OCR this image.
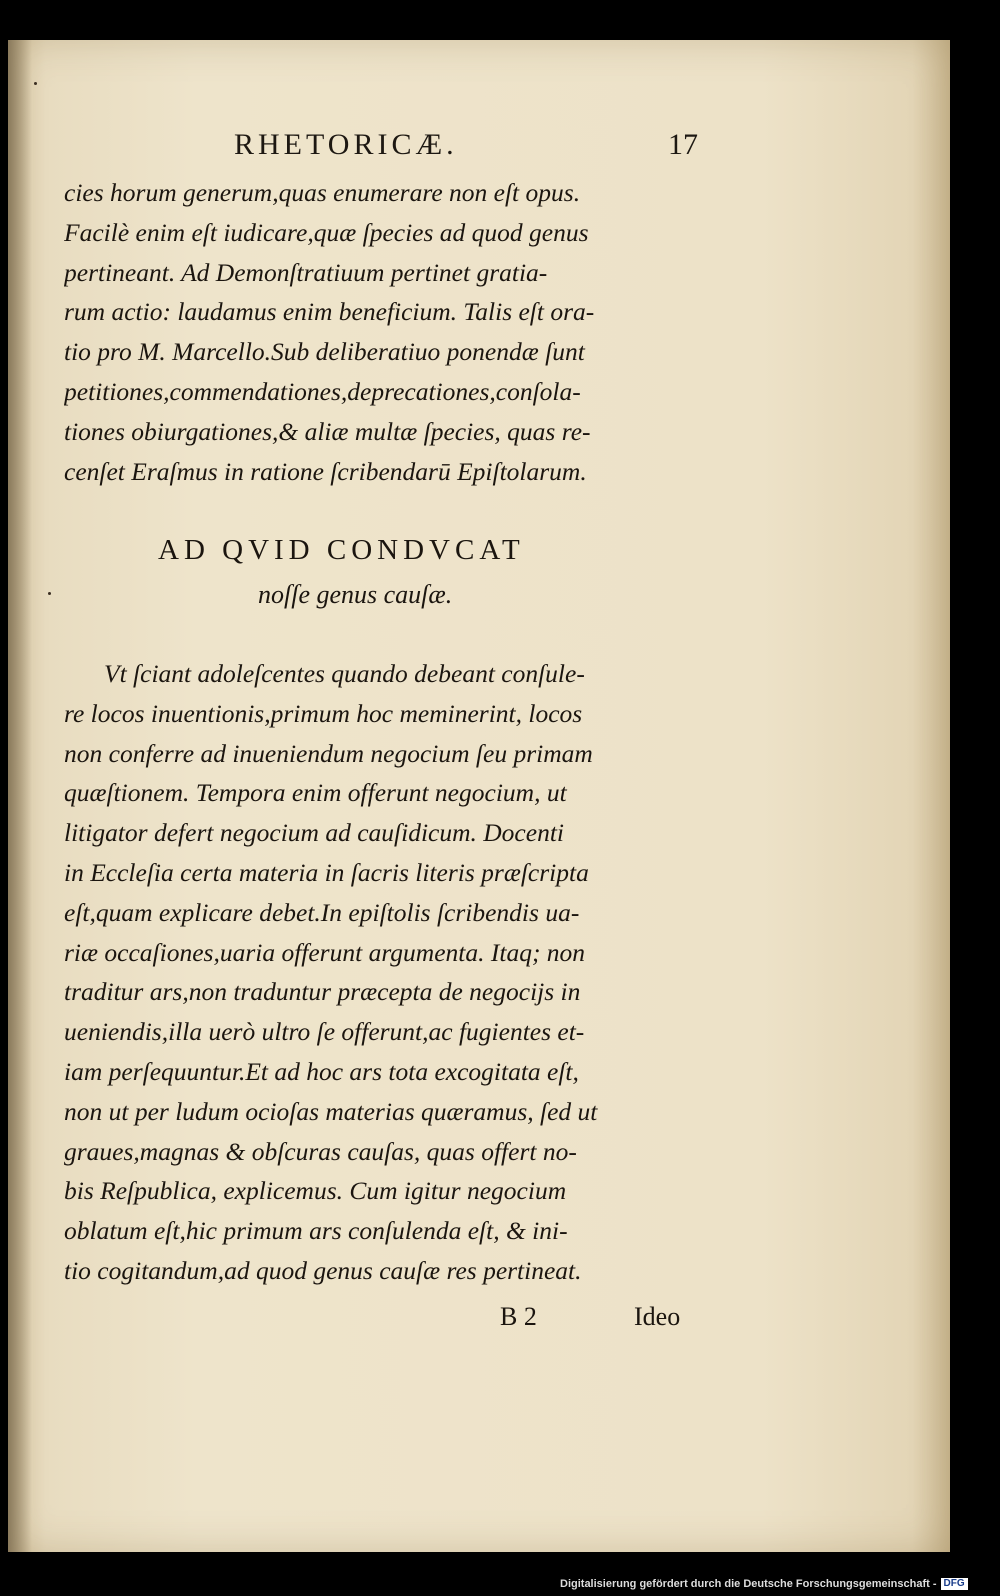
RHETORICÆ.	17
cies horum generum,quas enumerare non eſt opus.
Facilè enim eſt iudicare,quæ ſpecies ad quod genus
pertineant. Ad Demonſtratiuum pertinet gratia-
rum actio: laudamus enim beneficium. Talis eſt ora-
tio pro M. Marcello.Sub deliberatiuo ponendæ ſunt
petitiones,commendationes,deprecationes,conſola-
tiones obiurgationes,& aliæ multæ ſpecies, quas re-
cenſet Eraſmus in ratione ſcribendarū Epiſtolarum.
AD QVID CONDVCAT
noſſe genus cauſæ.
Vt ſciant adoleſcentes quando debeant conſule-
re locos inuentionis,primum hoc meminerint, locos
non conferre ad inueniendum negocium ſeu primam
quæſtionem. Tempora enim offerunt negocium, ut
litigator defert negocium ad cauſidicum. Docenti
in Eccleſia certa materia in ſacris literis præſcripta
eſt,quam explicare debet.In epiſtolis ſcribendis ua-
riæ occaſiones,uaria offerunt argumenta. Itaq; non
traditur ars,non traduntur præcepta de negocijs in
ueniendis,illa uerò ultro ſe offerunt,ac fugientes et-
iam perſequuntur.Et ad hoc ars tota excogitata eſt,
non ut per ludum ocioſas materias quæramus, ſed ut
graues,magnas & obſcuras cauſas, quas offert no-
bis Reſpublica, explicemus. Cum igitur negocium
oblatum eſt,hic primum ars conſulenda eſt, & ini-
tio cogitandum,ad quod genus cauſæ res pertineat.
B 2	Ideo
Digitalisierung gefördert durch die Deutsche Forschungsgemeinschaft - DFG
